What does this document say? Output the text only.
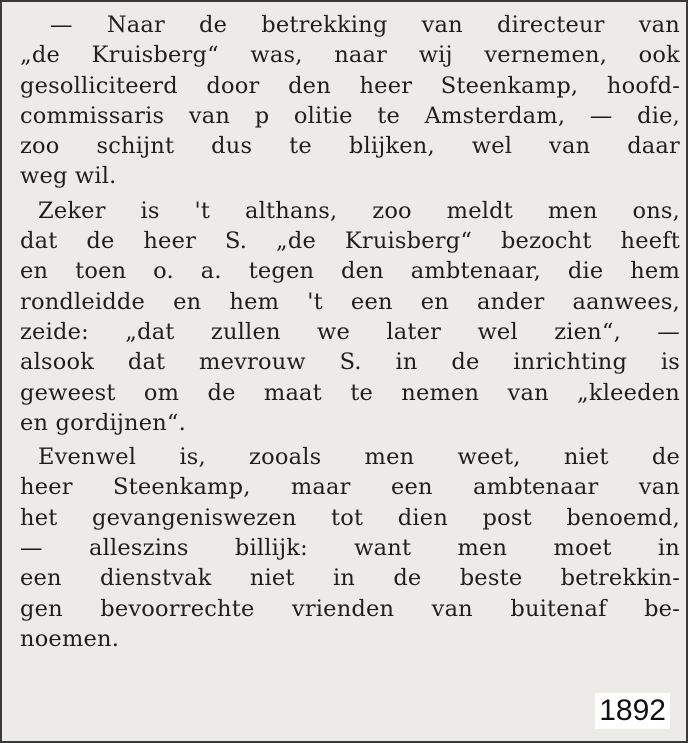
— Naar de betrekking van directeur van
„de Kruisberg“ was, naar wij vernemen, ook
gesolliciteerd door den heer Steenkamp, hoofd-
commissaris van p olitie te Amsterdam, — die,
zoo schijnt dus te blijken, wel van daar
weg wil.
Zeker is 't althans, zoo meldt men ons,
dat de heer S. „de Kruisberg“ bezocht heeft
en toen o. a. tegen den ambtenaar, die hem
rondleidde en hem 't een en ander aanwees,
zeide: „dat zullen we later wel zien“, —
alsook dat mevrouw S. in de inrichting is
geweest om de maat te nemen van „kleeden
en gordijnen“.
Evenwel is, zooals men weet, niet de
heer Steenkamp, maar een ambtenaar van
het gevangeniswezen tot dien post benoemd,
— alleszins billijk: want men moet in
een dienstvak niet in de beste betrekkin-
gen bevoorrechte vrienden van buitenaf be-
noemen.
1892
